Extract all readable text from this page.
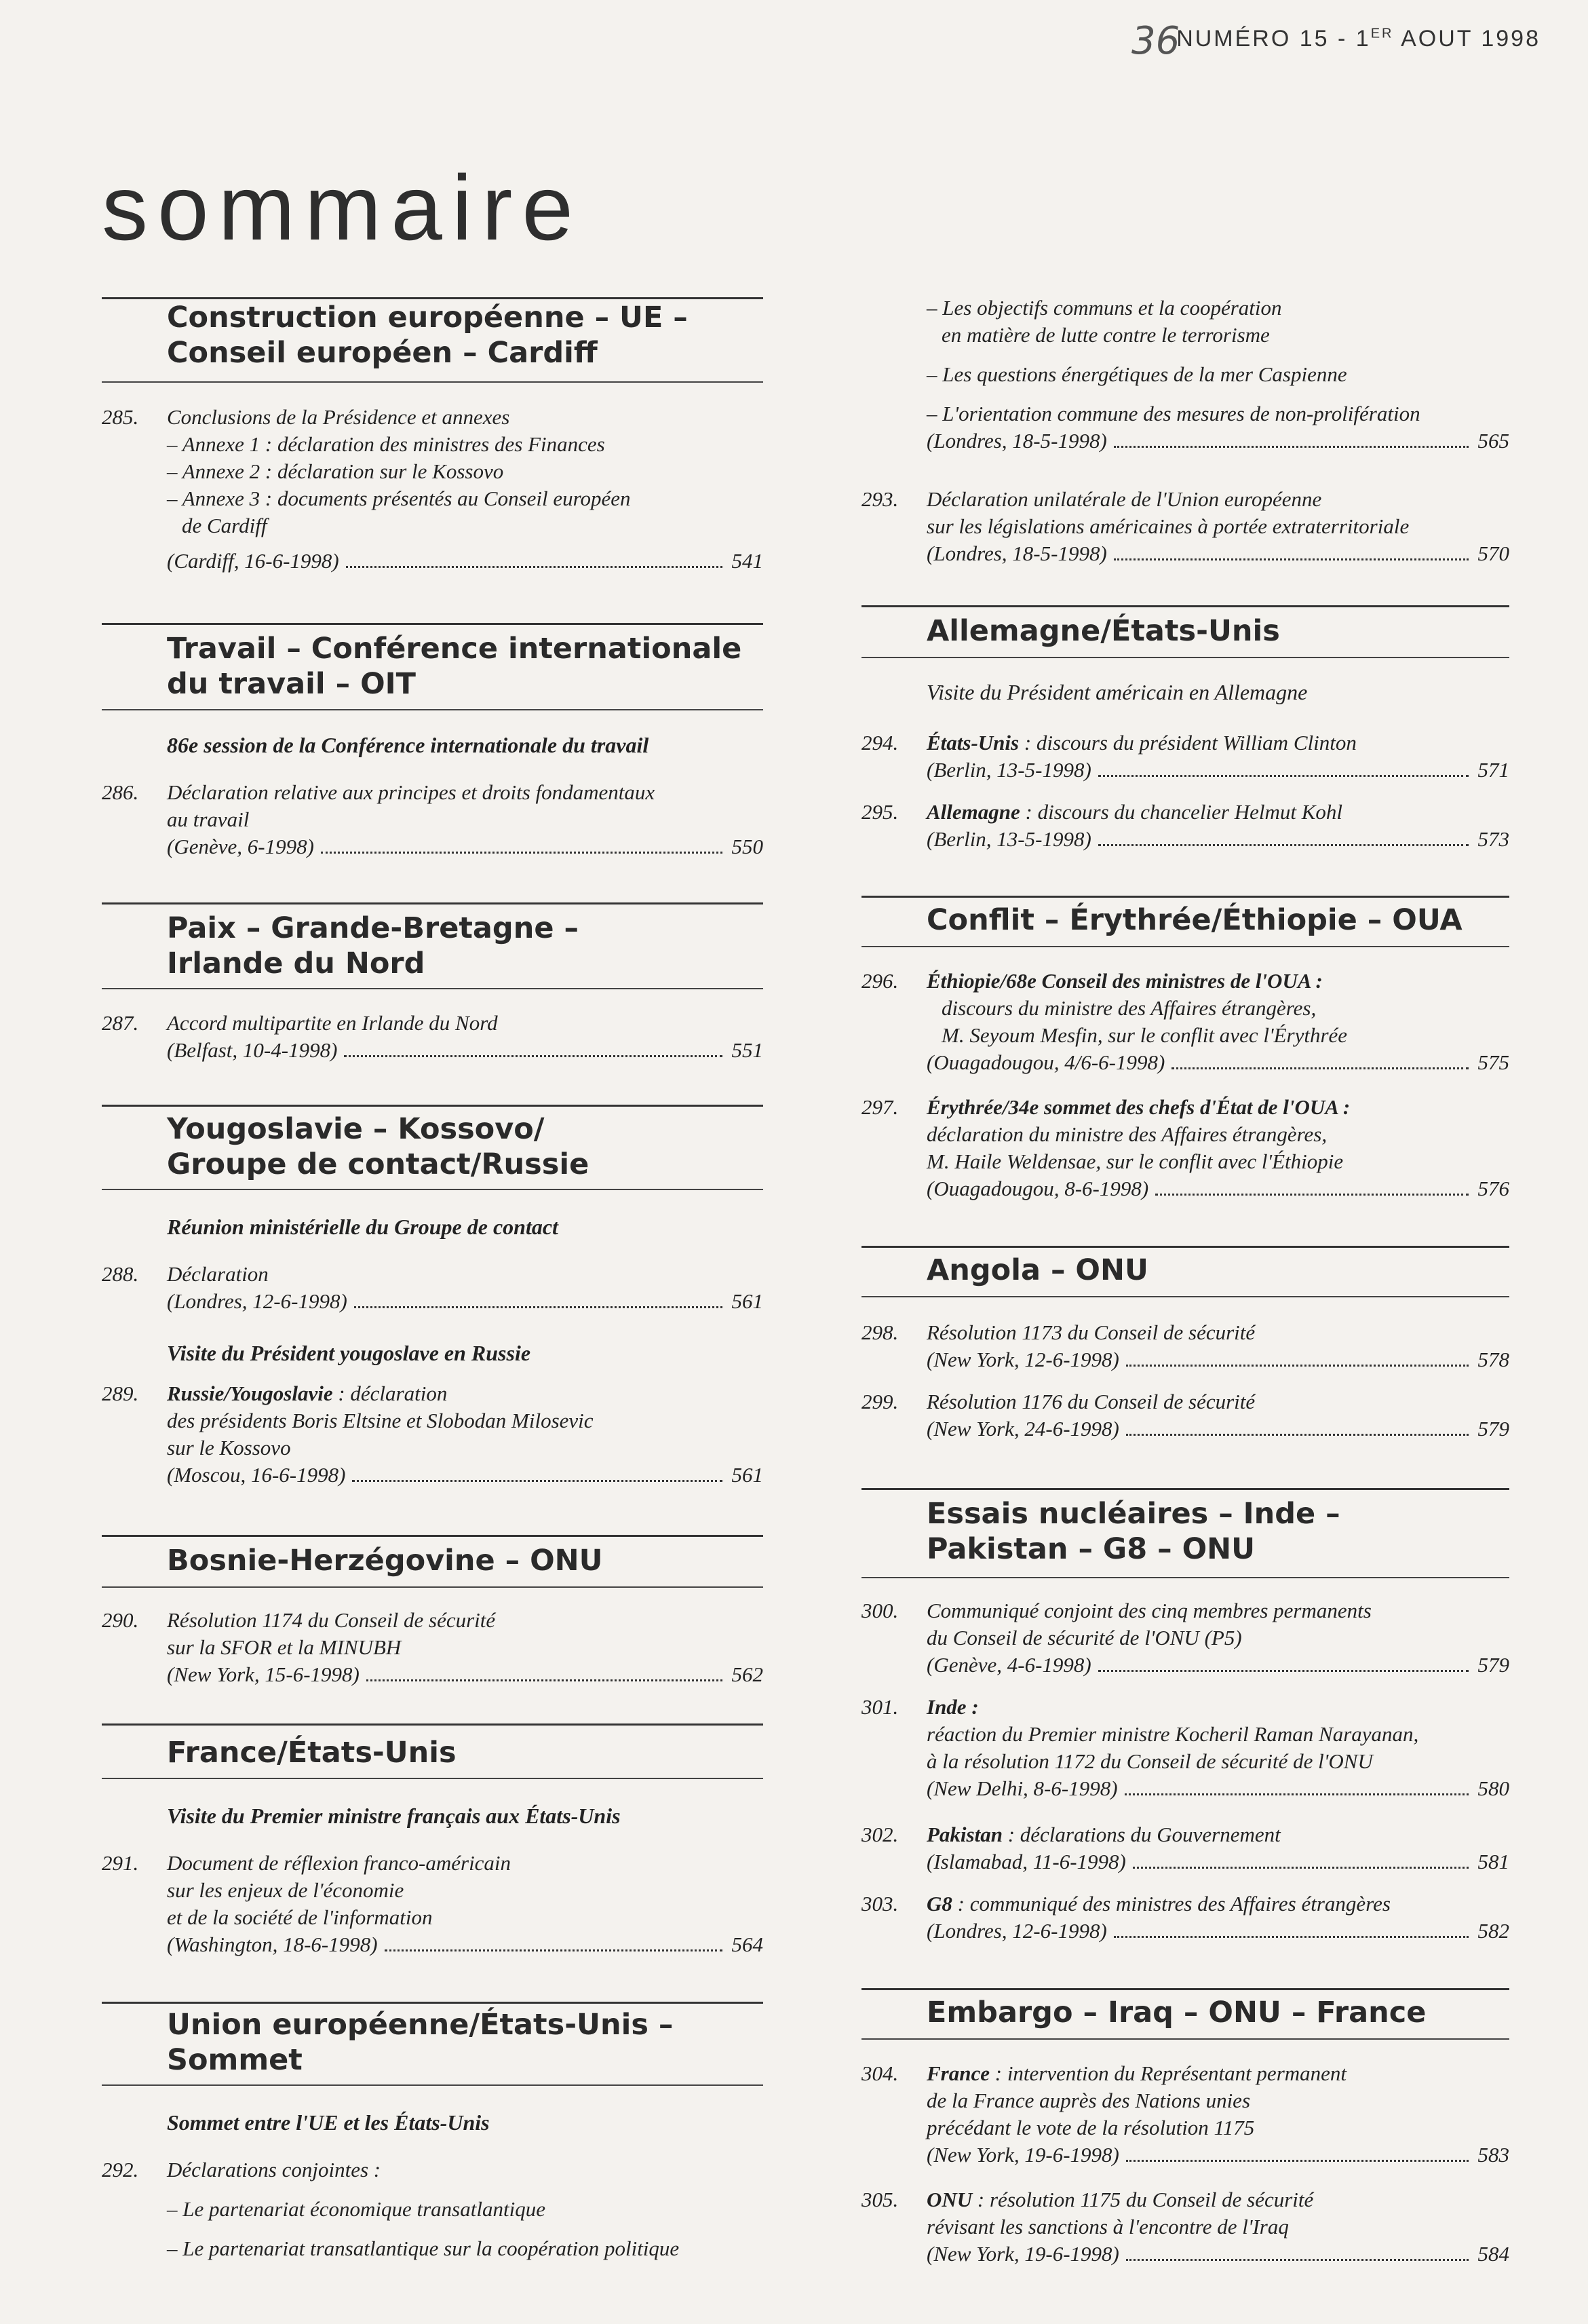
36
NUMÉRO 15 - 1ER AOUT 1998
sommaire
Construction européenne – UE –
Conseil européen – Cardiff
285.	Conclusions de la Présidence et annexes
– Annexe 1 : déclaration des ministres des Finances
– Annexe 2 : déclaration sur le Kossovo
– Annexe 3 : documents présentés au Conseil européen
de Cardiff
(Cardiff, 16-6-1998)	541
Travail – Conférence internationale
du travail – OIT
86e session de la Conférence internationale du travail
286.	Déclaration relative aux principes et droits fondamentaux
au travail
(Genève, 6-1998)	550
Paix – Grande-Bretagne –
Irlande du Nord
287.	Accord multipartite en Irlande du Nord
(Belfast, 10-4-1998)	551
Yougoslavie – Kossovo/
Groupe de contact/Russie
Réunion ministérielle du Groupe de contact
288.	Déclaration
(Londres, 12-6-1998)	561
Visite du Président yougoslave en Russie
289.	Russie/Yougoslavie : déclaration
des présidents Boris Eltsine et Slobodan Milosevic
sur le Kossovo
(Moscou, 16-6-1998)	561
Bosnie-Herzégovine – ONU
290.	Résolution 1174 du Conseil de sécurité
sur la SFOR et la MINUBH
(New York, 15-6-1998)	562
France/États-Unis
Visite du Premier ministre français aux États-Unis
291.	Document de réflexion franco-américain
sur les enjeux de l'économie
et de la société de l'information
(Washington, 18-6-1998)	564
Union européenne/États-Unis –
Sommet
Sommet entre l'UE et les États-Unis
292.	Déclarations conjointes :
– Le partenariat économique transatlantique
– Le partenariat transatlantique sur la coopération politique
– Les objectifs communs et la coopération
en matière de lutte contre le terrorisme
– Les questions énergétiques de la mer Caspienne
– L'orientation commune des mesures de non-prolifération
(Londres, 18-5-1998)	565
293.	Déclaration unilatérale de l'Union européenne
sur les législations américaines à portée extraterritoriale
(Londres, 18-5-1998)	570
Allemagne/États-Unis
Visite du Président américain en Allemagne
294.	États-Unis : discours du président William Clinton
(Berlin, 13-5-1998)	571
295.	Allemagne : discours du chancelier Helmut Kohl
(Berlin, 13-5-1998)	573
Conflit – Érythrée/Éthiopie – OUA
296.	Éthiopie/68e Conseil des ministres de l'OUA :
discours du ministre des Affaires étrangères,
M. Seyoum Mesfin, sur le conflit avec l'Érythrée
(Ouagadougou, 4/6-6-1998)	575
297.	Érythrée/34e sommet des chefs d'État de l'OUA :
déclaration du ministre des Affaires étrangères,
M. Haile Weldensae, sur le conflit avec l'Éthiopie
(Ouagadougou, 8-6-1998)	576
Angola – ONU
298.	Résolution 1173 du Conseil de sécurité
(New York, 12-6-1998)	578
299.	Résolution 1176 du Conseil de sécurité
(New York, 24-6-1998)	579
Essais nucléaires – Inde –
Pakistan – G8 – ONU
300.	Communiqué conjoint des cinq membres permanents
du Conseil de sécurité de l'ONU (P5)
(Genève, 4-6-1998)	579
301.	Inde :
réaction du Premier ministre Kocheril Raman Narayanan,
à la résolution 1172 du Conseil de sécurité de l'ONU
(New Delhi, 8-6-1998)	580
302.	Pakistan : déclarations du Gouvernement
(Islamabad, 11-6-1998)	581
303.	G8 : communiqué des ministres des Affaires étrangères
(Londres, 12-6-1998)	582
Embargo – Iraq – ONU – France
304.	France : intervention du Représentant permanent
de la France auprès des Nations unies
précédant le vote de la résolution 1175
(New York, 19-6-1998)	583
305.	ONU : résolution 1175 du Conseil de sécurité
révisant les sanctions à l'encontre de l'Iraq
(New York, 19-6-1998)	584
